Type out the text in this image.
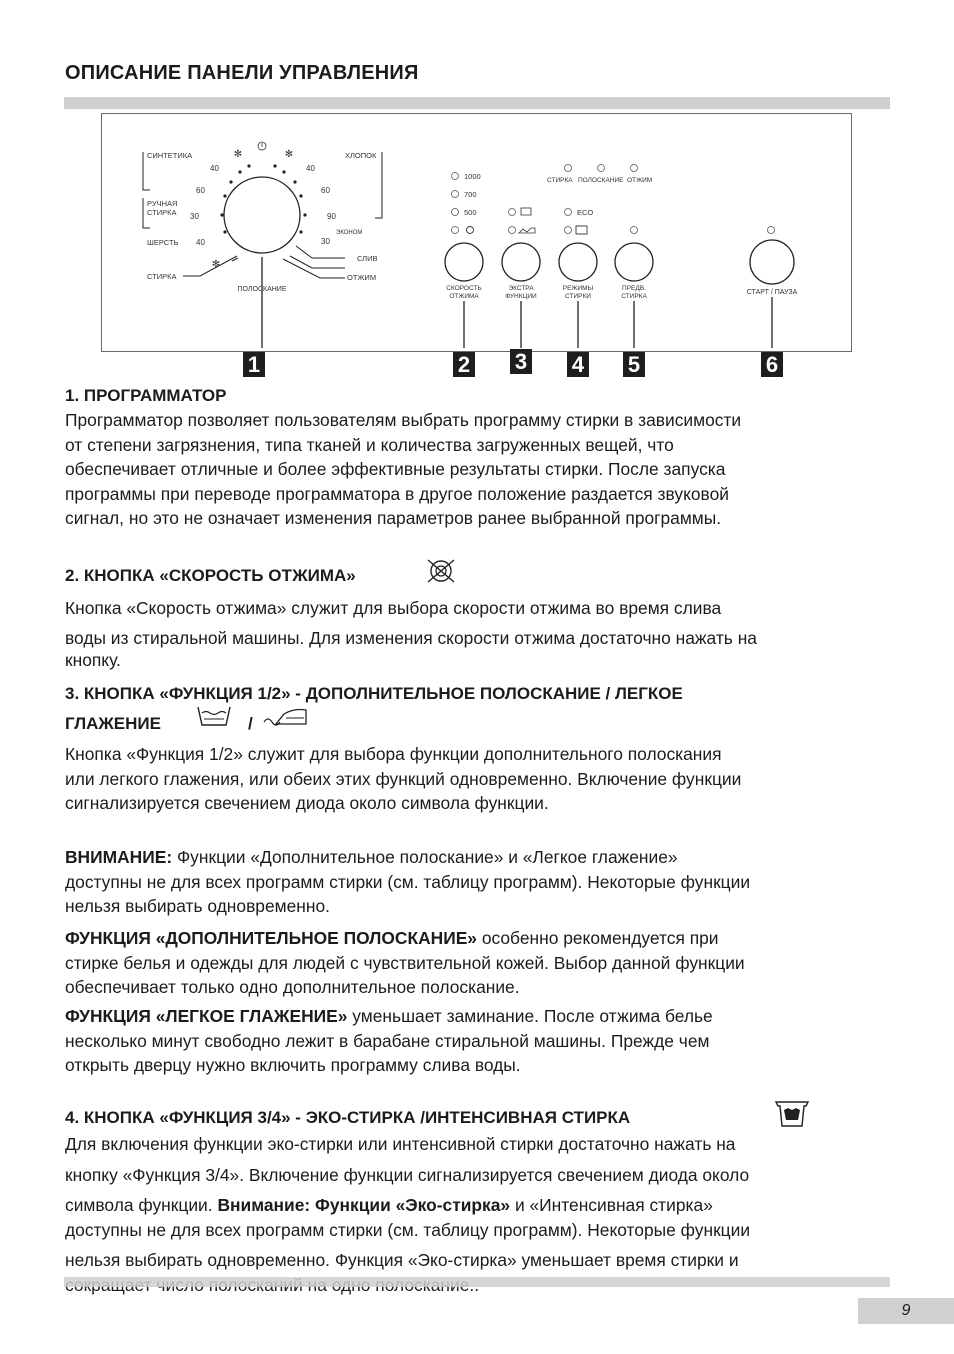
ОПИСАНИЕ ПАНЕЛИ УПРАВЛЕНИЯ
✻	✻
✻
СИНТЕТИКА
40
60
РУЧНАЯ
СТИРКА 30
ШЕРСТЬ 40
СТИРКА
ХЛОПОК
40
60
90
ЭКОНОМ
30
СЛИВ
ОТЖИМ
ПОЛОСКАНИЕ
1000
700
500	ECO
СТИРКА ПОЛОСКАНИЕ ОТЖИМ
СКОРОСТЬ
ОТЖИМА
ЭКСТРА
ФУНКЦИИ
РЕЖИМЫ
СТИРКИ
ПРЕДВ.
СТИРКА
СТАРТ / ПАУЗА
1	2 3 4 5	6
1. ПРОГРАММАТОР
Программатор позволяет пользователям выбрать программу стирки в зависимости
от степени загрязнения, типа тканей и количества загруженных вещей, что
обеспечивает отличные и более эффективные результаты стирки. После запуска
программы при переводе программатора в другое положение раздается звуковой
сигнал, но это не означает изменения параметров ранее выбранной программы.
2. КНОПКА «СКОРОСТЬ ОТЖИМА»
Кнопка «Скорость отжима» служит для выбора скорости отжима во время слива
воды из стиральной машины. Для изменения скорости отжима достаточно нажать на
кнопку.
3. КНОПКА «ФУНКЦИЯ 1/2» - ДОПОЛНИТЕЛЬНОЕ ПОЛОСКАНИЕ / ЛЕГКОЕ
ГЛАЖЕНИЕ	/
Кнопка «Функция 1/2» служит для выбора функции дополнительного полоскания
или легкого глажения, или обеих этих функций одновременно. Включение функции
сигнализируется свечением диода около символа функции.
ВНИМАНИЕ: Функции «Дополнительное полоскание» и «Легкое глажение»
доступны не для всех программ стирки (см. таблицу программ). Некоторые функции
нельзя выбирать одновременно.
ФУНКЦИЯ «ДОПОЛНИТЕЛЬНОЕ ПОЛОСКАНИЕ» особенно рекомендуется при
стирке белья и одежды для людей с чувствительной кожей. Выбор данной функции
обеспечивает только одно дополнительное полоскание.
ФУНКЦИЯ «ЛЕГКОЕ ГЛАЖЕНИЕ» уменьшает заминание. После отжима белье
несколько минут свободно лежит в барабане стиральной машины. Прежде чем
открыть дверцу нужно включить программу слива воды.
4. КНОПКА «ФУНКЦИЯ 3/4» - ЭКО-СТИРКА /ИНТЕНСИВНАЯ СТИРКА
Для включения функции эко-стирки или интенсивной стирки достаточно нажать на
кнопку «Функция 3/4». Включение функции сигнализируется свечением диода около
символа функции. Внимание: Функции «Эко-стирка» и «Интенсивная стирка»
доступны не для всех программ стирки (см. таблицу программ). Некоторые функции
нельзя выбирать одновременно. Функция «Эко-стирка» уменьшает время стирки и
9
